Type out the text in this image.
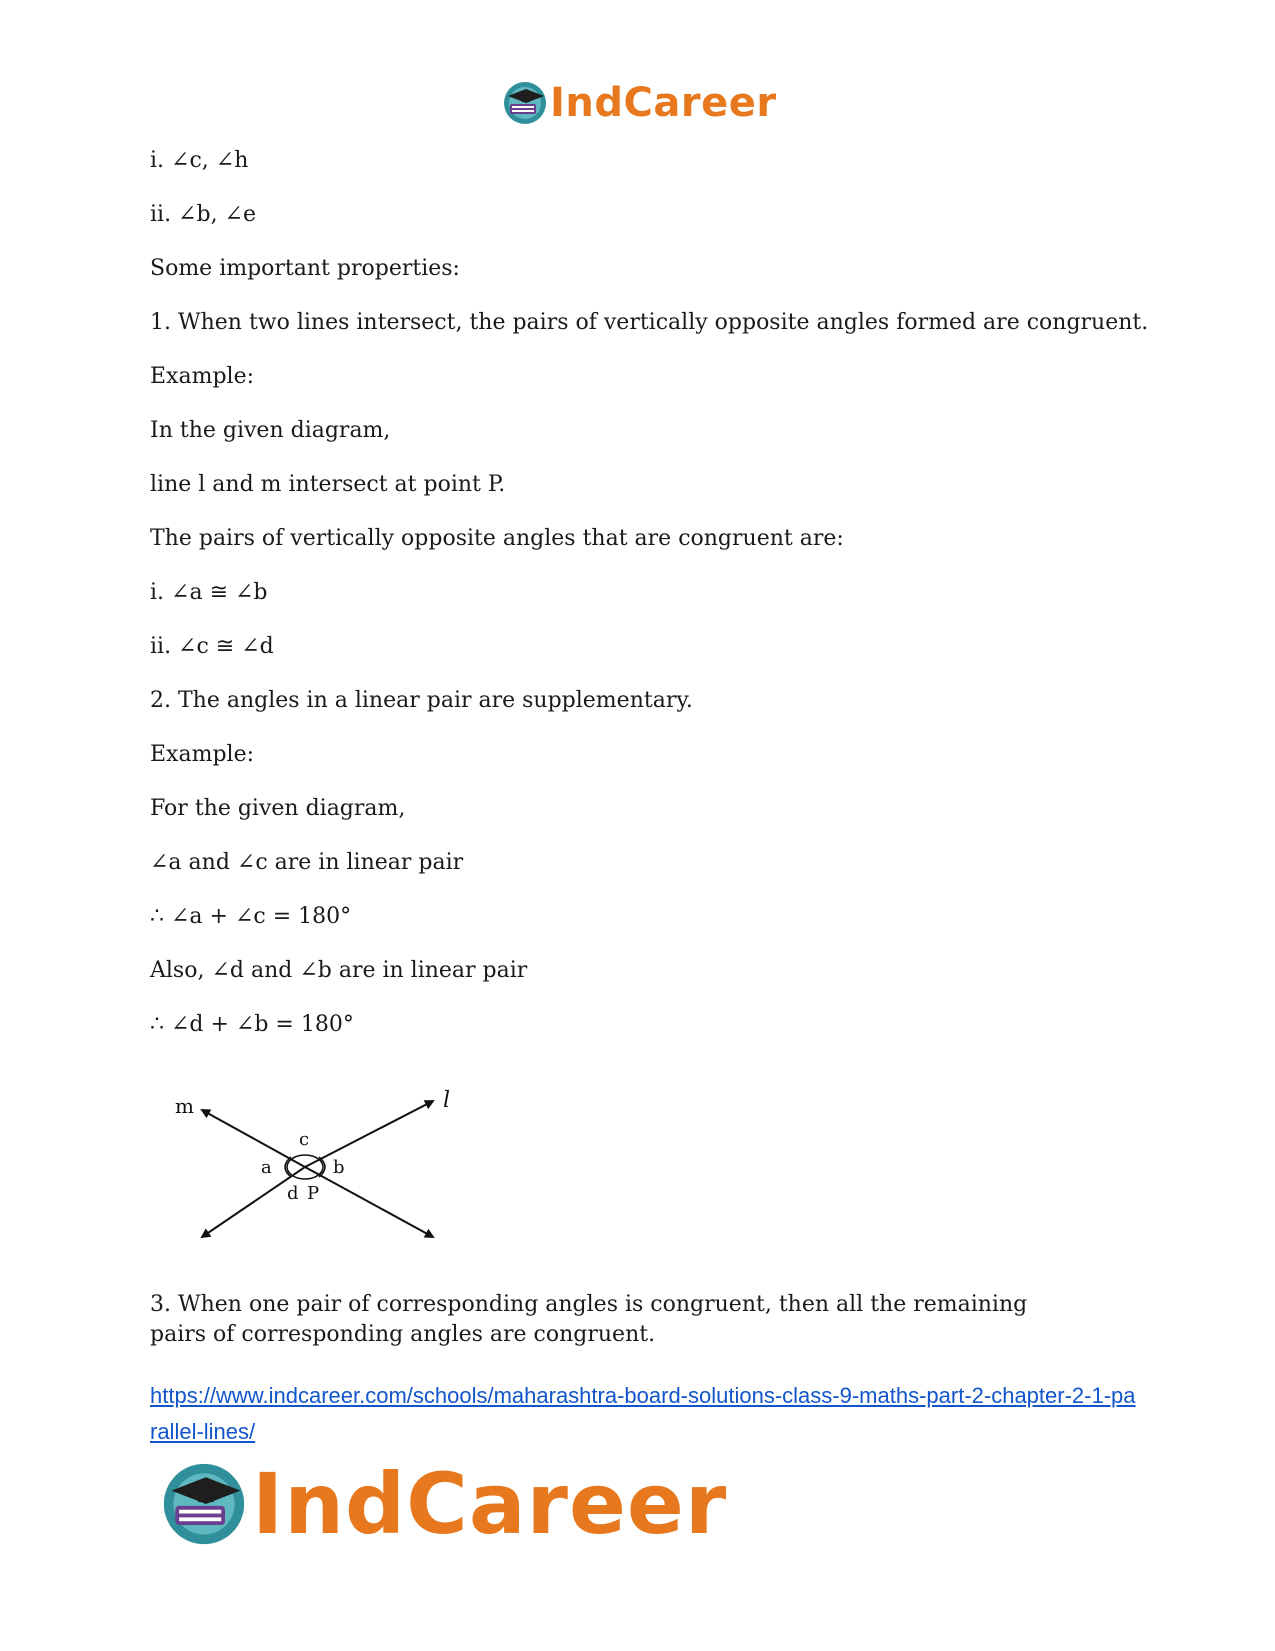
IndCareer
i. ∠c, ∠h
ii. ∠b, ∠e
Some important properties:
1. When two lines intersect, the pairs of vertically opposite angles formed are congruent.
Example:
In the given diagram,
line l and m intersect at point P.
The pairs of vertically opposite angles that are congruent are:
i. ∠a ≅ ∠b
ii. ∠c ≅ ∠d
2. The angles in a linear pair are supplementary.
Example:
For the given diagram,
∠a and ∠c are in linear pair
∴ ∠a + ∠c = 180°
Also, ∠d and ∠b are in linear pair
∴ ∠d + ∠b = 180°
m	l
c
a	b
d P
3. When one pair of corresponding angles is congruent, then all the remaining pairs of corresponding angles are congruent.
https://www.indcareer.com/schools/maharashtra-board-solutions-class-9-maths-part-2-chapter-2-1-parallel-lines/
IndCareer
